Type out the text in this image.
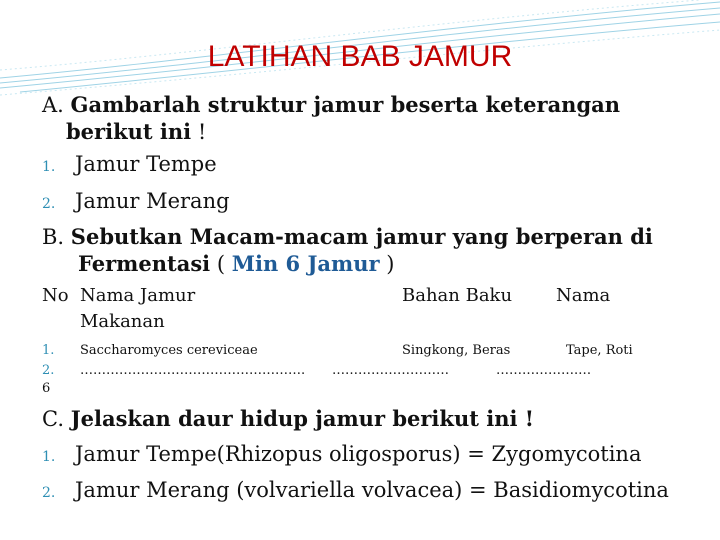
LATIHAN BAB JAMUR
A. Gambarlah struktur jamur beserta keterangan
berikut ini !
1. Jamur Tempe
2. Jamur Merang
B. Sebutkan Macam-macam jamur yang berperan di
Fermentasi ( Min 6 Jamur )
No Nama Jamur	Bahan Baku Nama
Makanan
1. Saccharomyces cereviceae	Singkong, Beras	Tape, Roti
2. ……………………………………………. ………………………	……………….…
6
C. Jelaskan daur hidup jamur berikut ini !
1. Jamur Tempe(Rhizopus oligosporus) = Zygomycotina
2. Jamur Merang (volvariella volvacea) = Basidiomycotina
